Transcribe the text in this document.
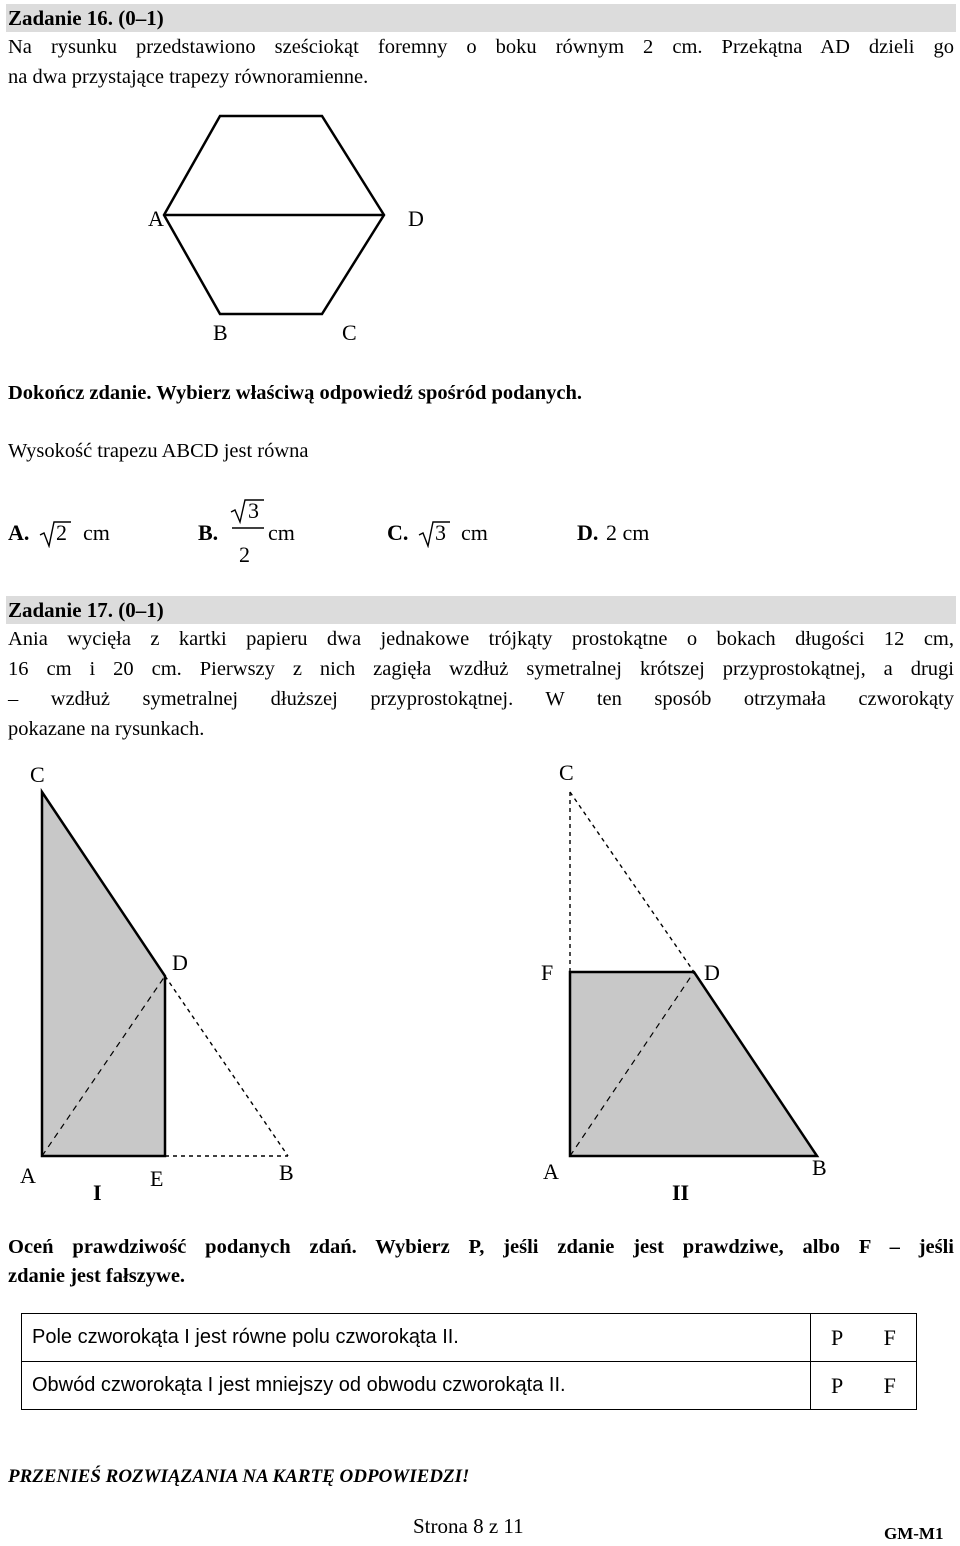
Zadanie 16. (0–1)
Na rysunku przedstawiono sześciokąt foremny o boku równym 2 cm. Przekątna AD dzieli go
na dwa przystające trapezy równoramienne.
A	D
B	C
Dokończ zdanie. Wybierz właściwą odpowiedź spośród podanych.
Wysokość trapezu ABCD jest równa
A. 2 cm	B.
3
2
cm	C. 3 cm	D. 2 cm
Zadanie 17. (0–1)
Ania wycięła z kartki papieru dwa jednakowe trójkąty prostokątne o bokach długości 12 cm,
16 cm i 20 cm. Pierwszy z nich zagięła wzdłuż symetralnej krótszej przyprostokątnej, a drugi
– wzdłuż symetralnej dłuższej przyprostokątnej. W ten sposób otrzymała czworokąty
pokazane na rysunkach.
C
D
A	E	B
I
C
F	D
A	B
II
Oceń prawdziwość podanych zdań. Wybierz P, jeśli zdanie jest prawdziwe, albo F – jeśli
zdanie jest fałszywe.
Pole czworokąta I jest równe polu czworokąta II.	P	F
Obwód czworokąta I jest mniejszy od obwodu czworokąta II.	P	F
PRZENIEŚ ROZWIĄZANIA NA KARTĘ ODPOWIEDZI!
Strona 8 z 11	GM-M1
